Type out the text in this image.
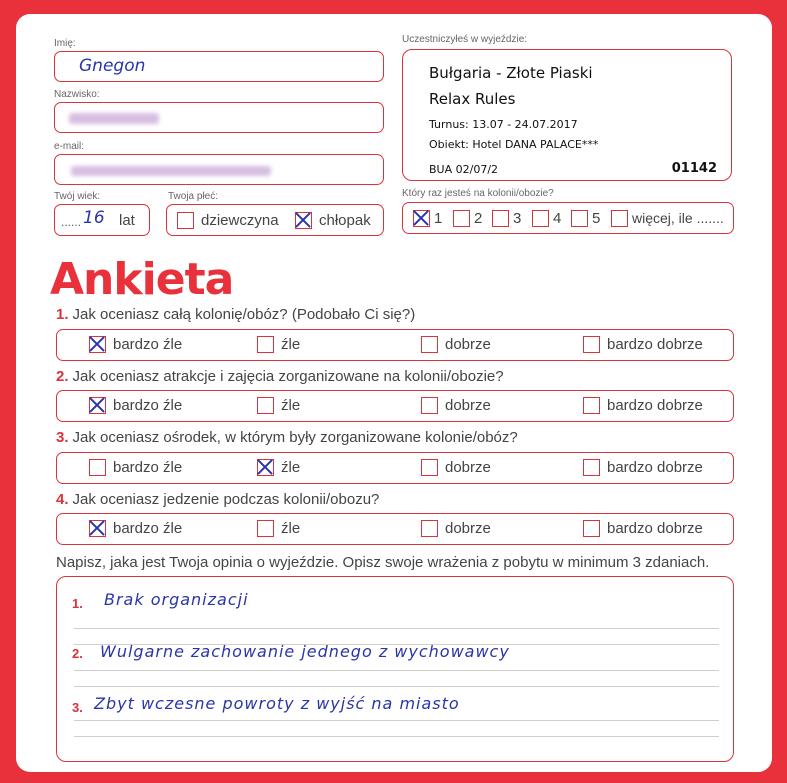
Imię:
Gnegon
Nazwisko:
e-mail:
Twój wiek:
...... 16 lat
Twoja płeć:
dziewczyna	chłopak
Uczestniczyłeś w wyjeździe:
Bułgaria - Złote Piaski
Relax Rules
Turnus: 13.07 - 24.07.2017
Obiekt: Hotel DANA PALACE***
BUA 02/07/2	01142
Który raz jesteś na kolonii/obozie?
1 2 3 4 5 więcej, ile .......
Ankieta
1. Jak oceniasz całą kolonię/obóz? (Podobało Ci się?)
bardzo źle	źle	dobrze	bardzo dobrze
2. Jak oceniasz atrakcje i zajęcia zorganizowane na kolonii/obozie?
bardzo źle	źle	dobrze	bardzo dobrze
3. Jak oceniasz ośrodek, w którym były zorganizowane kolonie/obóz?
bardzo źle	źle	dobrze	bardzo dobrze
4. Jak oceniasz jedzenie podczas kolonii/obozu?
bardzo źle	źle	dobrze	bardzo dobrze
Napisz, jaka jest Twoja opinia o wyjeździe. Opisz swoje wrażenia z pobytu w minimum 3 zdaniach.
1.
2.
3.
Brak organizacji
Wulgarne zachowanie jednego z wychowawcy
Zbyt wczesne powroty z wyjść na miasto
